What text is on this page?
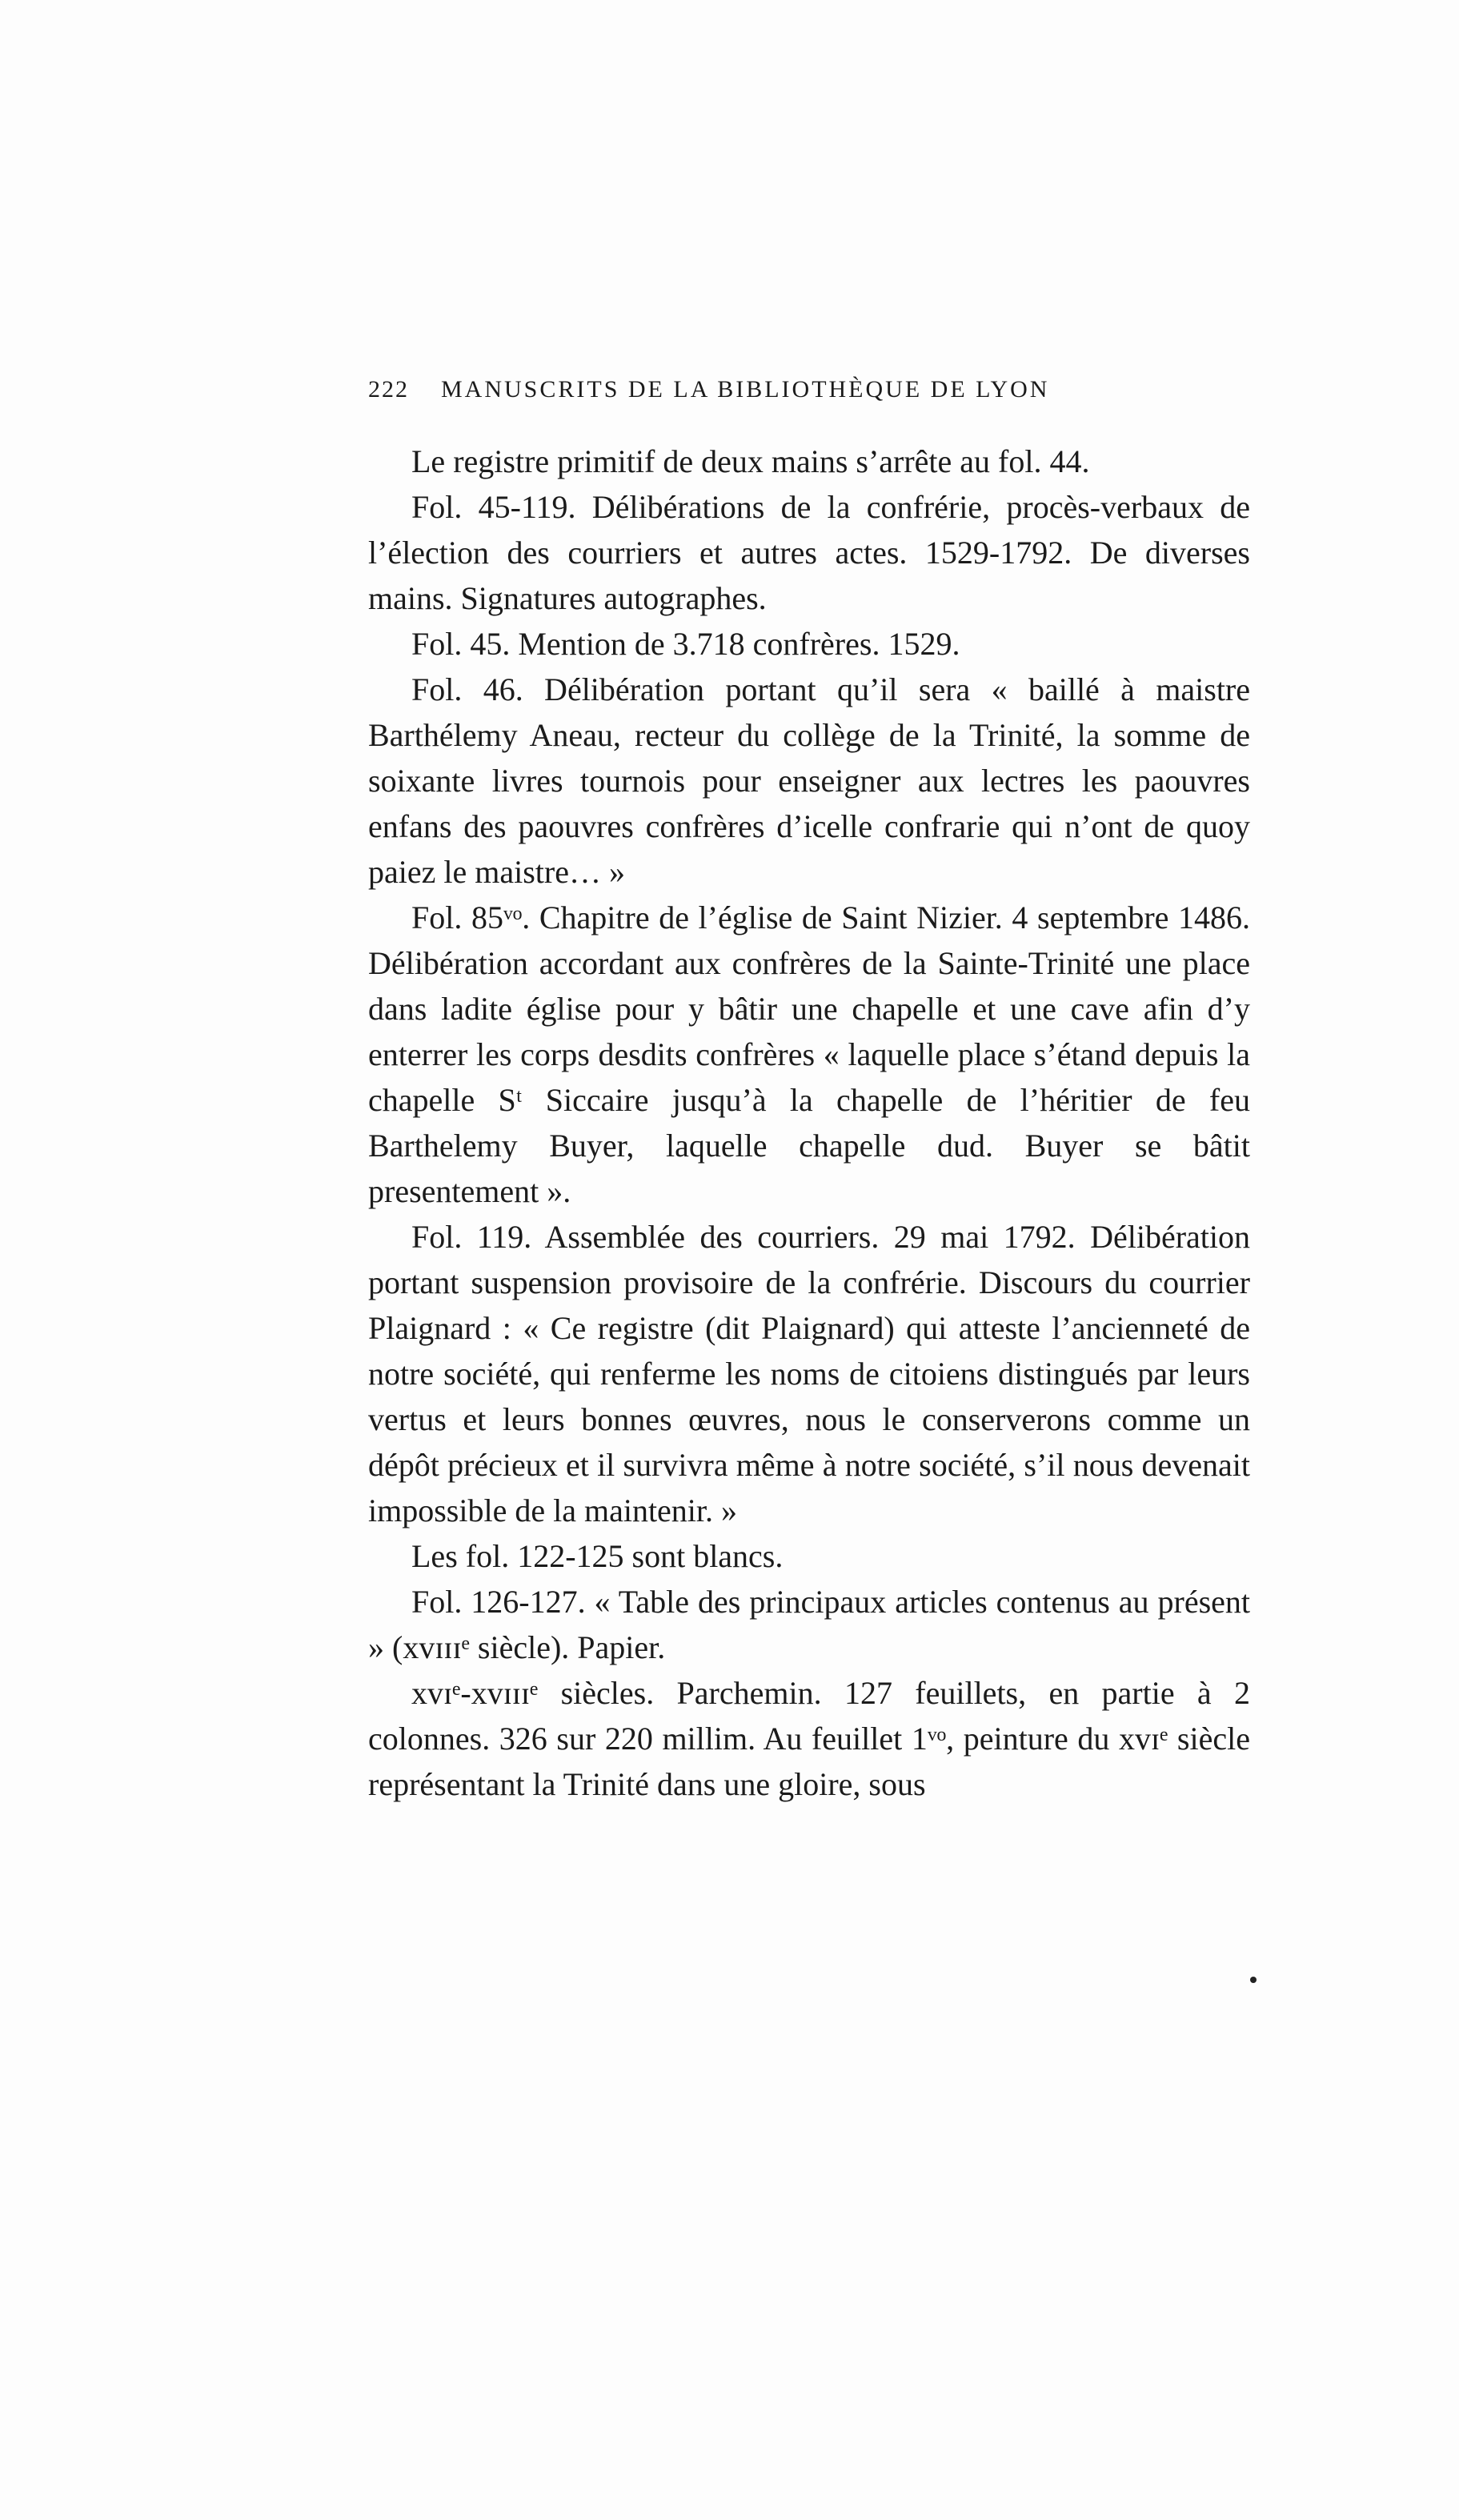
222 MANUSCRITS DE LA BIBLIOTHÈQUE DE LYON

Le registre primitif de deux mains s’arrête au fol. 44.

Fol. 45-119. Délibérations de la confrérie, procès-verbaux de l’élection des courriers et autres actes. 1529-1792. De diverses mains. Signatures autographes.

Fol. 45. Mention de 3.718 confrères. 1529.

Fol. 46. Délibération portant qu’il sera « baillé à maistre Barthélemy Aneau, recteur du collège de la Trinité, la somme de soixante livres tournois pour enseigner aux lectres les paouvres enfans des paouvres confrères d’icelle confrarie qui n’ont de quoy paiez le maistre… »

Fol. 85ᵛᵒ. Chapitre de l’église de Saint Nizier. 4 septembre 1486. Délibération accordant aux confrères de la Sainte-Trinité une place dans ladite église pour y bâtir une chapelle et une cave afin d’y enterrer les corps desdits confrères « laquelle place s’étand depuis la chapelle Sᵗ Siccaire jusqu’à la chapelle de l’héritier de feu Barthelemy Buyer, laquelle chapelle dud. Buyer se bâtit presentement ».

Fol. 119. Assemblée des courriers. 29 mai 1792. Délibération portant suspension provisoire de la confrérie. Discours du courrier Plaignard : « Ce registre (dit Plaignard) qui atteste l’ancienneté de notre société, qui renferme les noms de citoiens distingués par leurs vertus et leurs bonnes œuvres, nous le conserverons comme un dépôt précieux et il survivra même à notre société, s’il nous devenait impossible de la maintenir. »

Les fol. 122-125 sont blancs.

Fol. 126-127. « Table des principaux articles contenus au présent » (xᴠɪɪɪᵉ siècle). Papier.

xᴠɪᵉ-xᴠɪɪɪᵉ siècles. Parchemin. 127 feuillets, en partie à 2 colonnes. 326 sur 220 millim. Au feuillet 1ᵛᵒ, peinture du xᴠɪᵉ siècle représentant la Trinité dans une gloire, sous
